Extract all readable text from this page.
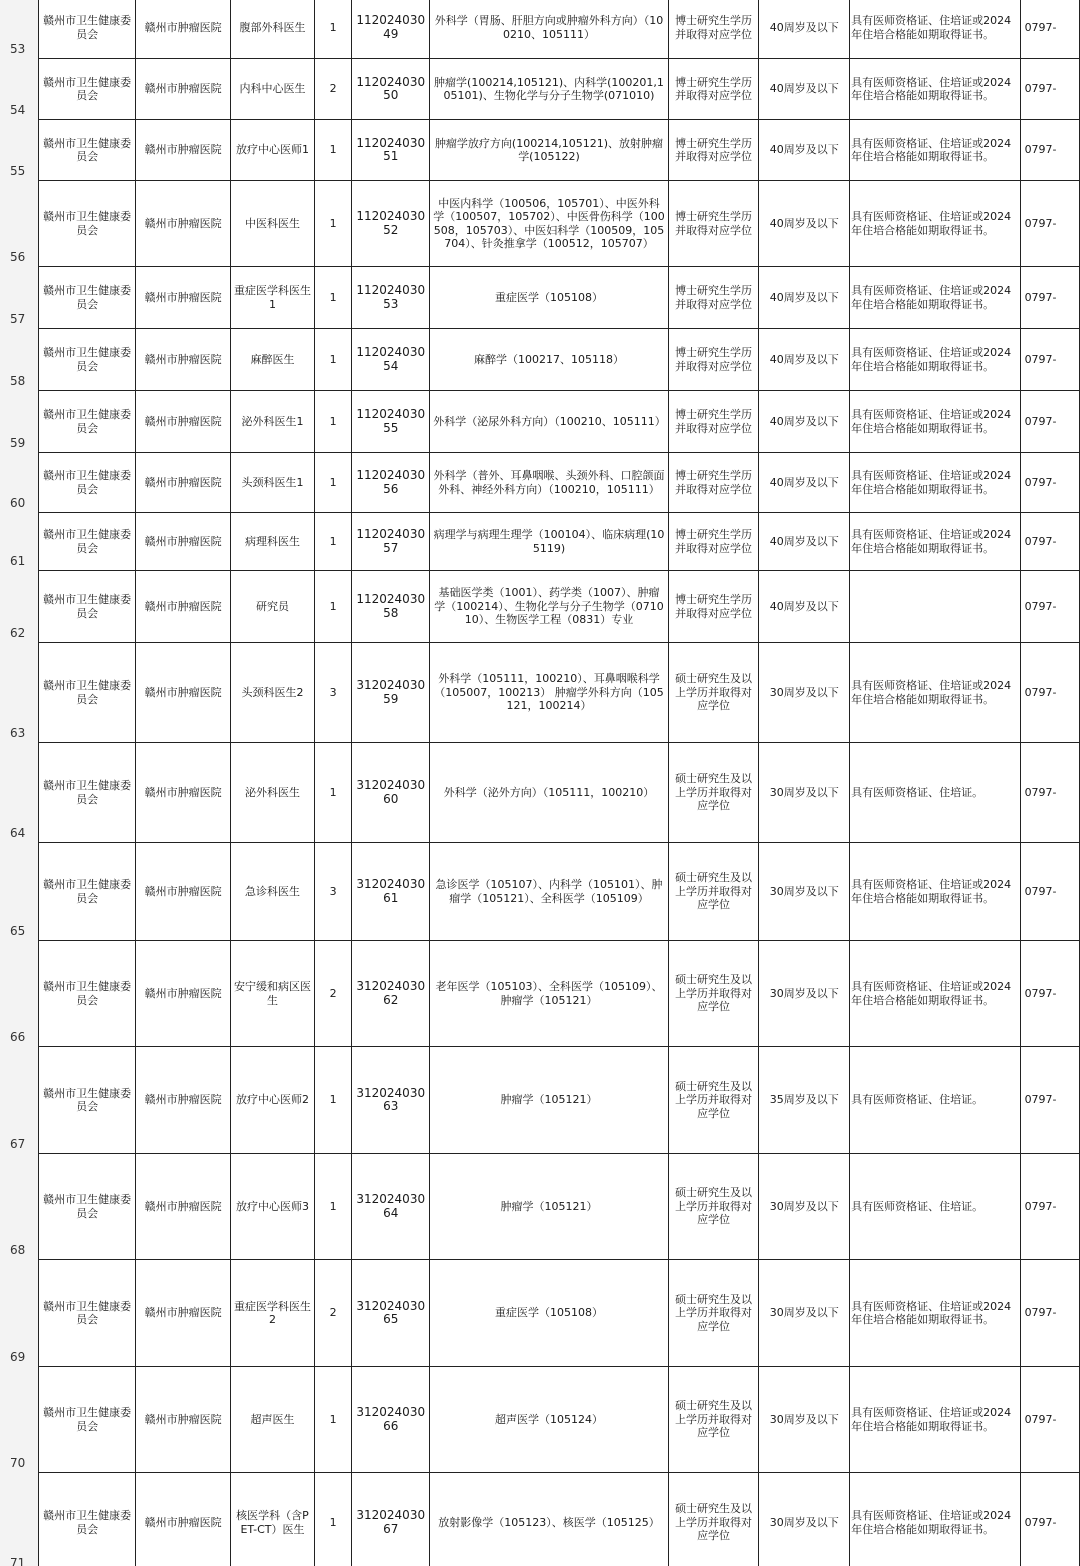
53	赣州市卫生健康委员会	赣州市肿瘤医院	腹部外科医生	1	11202403049	外科学（胃肠、肝胆方向或肿瘤外科方向）（100210、105111）	博士研究生学历并取得对应学位	40周岁及以下	具有医师资格证、住培证或2024年住培合格能如期取得证书。	0797-
54	赣州市卫生健康委员会	赣州市肿瘤医院	内科中心医生	2	11202403050	肿瘤学(100214,105121)、内科学(100201,105101)、生物化学与分子生物学(071010)	博士研究生学历并取得对应学位	40周岁及以下	具有医师资格证、住培证或2024年住培合格能如期取得证书。	0797-
55	赣州市卫生健康委员会	赣州市肿瘤医院	放疗中心医师1	1	11202403051	肿瘤学放疗方向(100214,105121)、放射肿瘤学(105122)	博士研究生学历并取得对应学位	40周岁及以下	具有医师资格证、住培证或2024年住培合格能如期取得证书。	0797-
56	赣州市卫生健康委员会	赣州市肿瘤医院	中医科医生	1	11202403052	中医内科学（100506，105701）、中医外科学（100507，105702）、中医骨伤科学（100508，105703）、中医妇科学（100509，105704）、针灸推拿学（100512，105707）	博士研究生学历并取得对应学位	40周岁及以下	具有医师资格证、住培证或2024年住培合格能如期取得证书。	0797-
57	赣州市卫生健康委员会	赣州市肿瘤医院	重症医学科医生1	1	11202403053	重症医学（105108）	博士研究生学历并取得对应学位	40周岁及以下	具有医师资格证、住培证或2024年住培合格能如期取得证书。	0797-
58	赣州市卫生健康委员会	赣州市肿瘤医院	麻醉医生	1	11202403054	麻醉学（100217、105118）	博士研究生学历并取得对应学位	40周岁及以下	具有医师资格证、住培证或2024年住培合格能如期取得证书。	0797-
59	赣州市卫生健康委员会	赣州市肿瘤医院	泌外科医生1	1	11202403055	外科学（泌尿外科方向）（100210、105111）	博士研究生学历并取得对应学位	40周岁及以下	具有医师资格证、住培证或2024年住培合格能如期取得证书。	0797-
60	赣州市卫生健康委员会	赣州市肿瘤医院	头颈科医生1	1	11202403056	外科学（普外、耳鼻咽喉、头颈外科、口腔颌面外科、神经外科方向）（100210，105111）	博士研究生学历并取得对应学位	40周岁及以下	具有医师资格证、住培证或2024年住培合格能如期取得证书。	0797-
61	赣州市卫生健康委员会	赣州市肿瘤医院	病理科医生	1	11202403057	病理学与病理生理学（100104）、临床病理(105119)	博士研究生学历并取得对应学位	40周岁及以下	具有医师资格证、住培证或2024年住培合格能如期取得证书。	0797-
62	赣州市卫生健康委员会	赣州市肿瘤医院	研究员	1	11202403058	基础医学类（1001）、药学类（1007）、肿瘤学（100214）、生物化学与分子生物学（071010）、生物医学工程（0831）专业	博士研究生学历并取得对应学位	40周岁及以下		0797-
63	赣州市卫生健康委员会	赣州市肿瘤医院	头颈科医生2	3	31202403059	外科学（105111，100210）、耳鼻咽喉科学（105007，100213） 肿瘤学外科方向（105121，100214）	硕士研究生及以上学历并取得对应学位	30周岁及以下	具有医师资格证、住培证或2024年住培合格能如期取得证书。	0797-
64	赣州市卫生健康委员会	赣州市肿瘤医院	泌外科医生	1	31202403060	外科学（泌外方向）（105111，100210）	硕士研究生及以上学历并取得对应学位	30周岁及以下	具有医师资格证、住培证。	0797-
65	赣州市卫生健康委员会	赣州市肿瘤医院	急诊科医生	3	31202403061	急诊医学（105107）、内科学（105101）、肿瘤学（105121）、全科医学（105109）	硕士研究生及以上学历并取得对应学位	30周岁及以下	具有医师资格证、住培证或2024年住培合格能如期取得证书。	0797-
66	赣州市卫生健康委员会	赣州市肿瘤医院	安宁缓和病区医生	2	31202403062	老年医学（105103）、全科医学（105109）、肿瘤学（105121）	硕士研究生及以上学历并取得对应学位	30周岁及以下	具有医师资格证、住培证或2024年住培合格能如期取得证书。	0797-
67	赣州市卫生健康委员会	赣州市肿瘤医院	放疗中心医师2	1	31202403063	肿瘤学（105121）	硕士研究生及以上学历并取得对应学位	35周岁及以下	具有医师资格证、住培证。	0797-
68	赣州市卫生健康委员会	赣州市肿瘤医院	放疗中心医师3	1	31202403064	肿瘤学（105121）	硕士研究生及以上学历并取得对应学位	30周岁及以下	具有医师资格证、住培证。	0797-
69	赣州市卫生健康委员会	赣州市肿瘤医院	重症医学科医生2	2	31202403065	重症医学（105108）	硕士研究生及以上学历并取得对应学位	30周岁及以下	具有医师资格证、住培证或2024年住培合格能如期取得证书。	0797-
70	赣州市卫生健康委员会	赣州市肿瘤医院	超声医生	1	31202403066	超声医学（105124）	硕士研究生及以上学历并取得对应学位	30周岁及以下	具有医师资格证、住培证或2024年住培合格能如期取得证书。	0797-
71	赣州市卫生健康委员会	赣州市肿瘤医院	核医学科（含PET-CT）医生	1	31202403067	放射影像学（105123）、核医学（105125）	硕士研究生及以上学历并取得对应学位	30周岁及以下	具有医师资格证、住培证或2024年住培合格能如期取得证书。	0797-
